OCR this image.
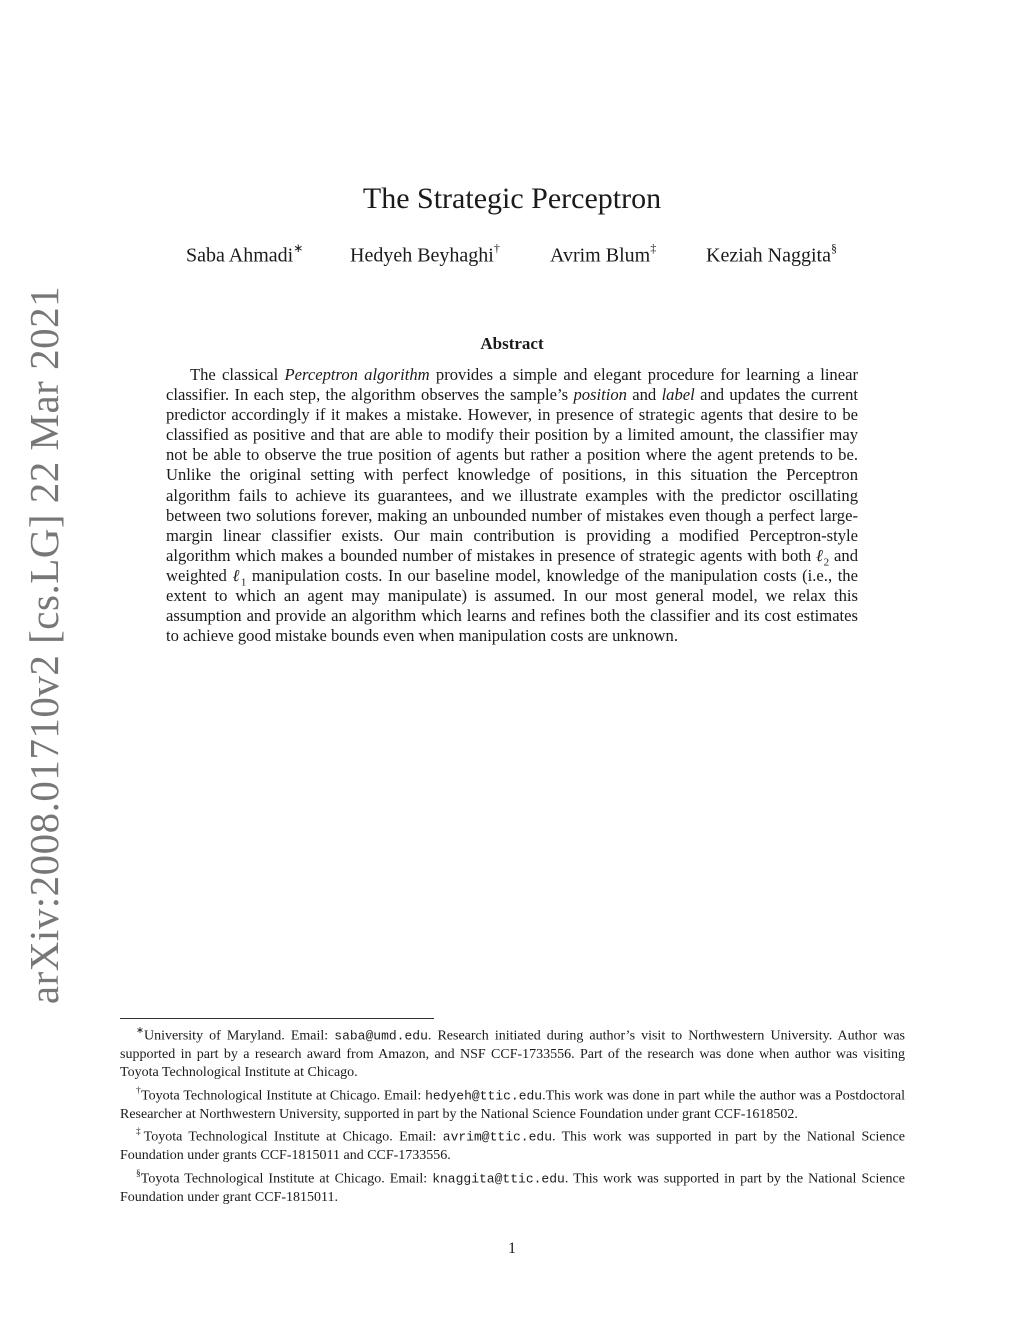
arXiv:2008.01710v2 [cs.LG] 22 Mar 2021
The Strategic Perceptron
Saba Ahmadi∗ Hedyeh Beyhaghi†	Avrim Blum‡ Keziah Naggita§
Abstract
The classical Perceptron algorithm provides a simple and elegant procedure for learning a linear classifier. In each step, the algorithm observes the sample’s position and label and updates the current predictor accordingly if it makes a mistake. However, in presence of strategic agents that desire to be classified as positive and that are able to modify their position by a limited amount, the classifier may not be able to observe the true position of agents but rather a position where the agent pretends to be. Unlike the original setting with perfect knowledge of positions, in this situation the Perceptron algorithm fails to achieve its guarantees, and we illustrate examples with the predictor oscillating between two solutions forever, making an unbounded number of mistakes even though a perfect large-margin linear classifier exists. Our main contribution is providing a modified Perceptron-style algorithm which makes a bounded number of mistakes in presence of strategic agents with both ℓ$_2$ and weighted ℓ$_1$ manipulation costs. In our baseline model, knowledge of the manipulation costs (i.e., the extent to which an agent may manipulate) is assumed. In our most general model, we relax this assumption and provide an algorithm which learns and refines both the classifier and its cost estimates to achieve good mistake bounds even when manipulation costs are unknown.

∗University of Maryland. Email: saba@umd.edu. Research initiated during author’s visit to Northwestern University. Author was supported in part by a research award from Amazon, and NSF CCF-1733556. Part of the research was done when author was visiting Toyota Technological Institute at Chicago.

†Toyota Technological Institute at Chicago. Email: hedyeh@ttic.edu.This work was done in part while the author was a Postdoctoral Researcher at Northwestern University, supported in part by the National Science Foundation under grant CCF-1618502.

‡Toyota Technological Institute at Chicago. Email: avrim@ttic.edu. This work was supported in part by the National Science Foundation under grants CCF-1815011 and CCF-1733556.

§Toyota Technological Institute at Chicago. Email: knaggita@ttic.edu. This work was supported in part by the National Science Foundation under grant CCF-1815011.

1
